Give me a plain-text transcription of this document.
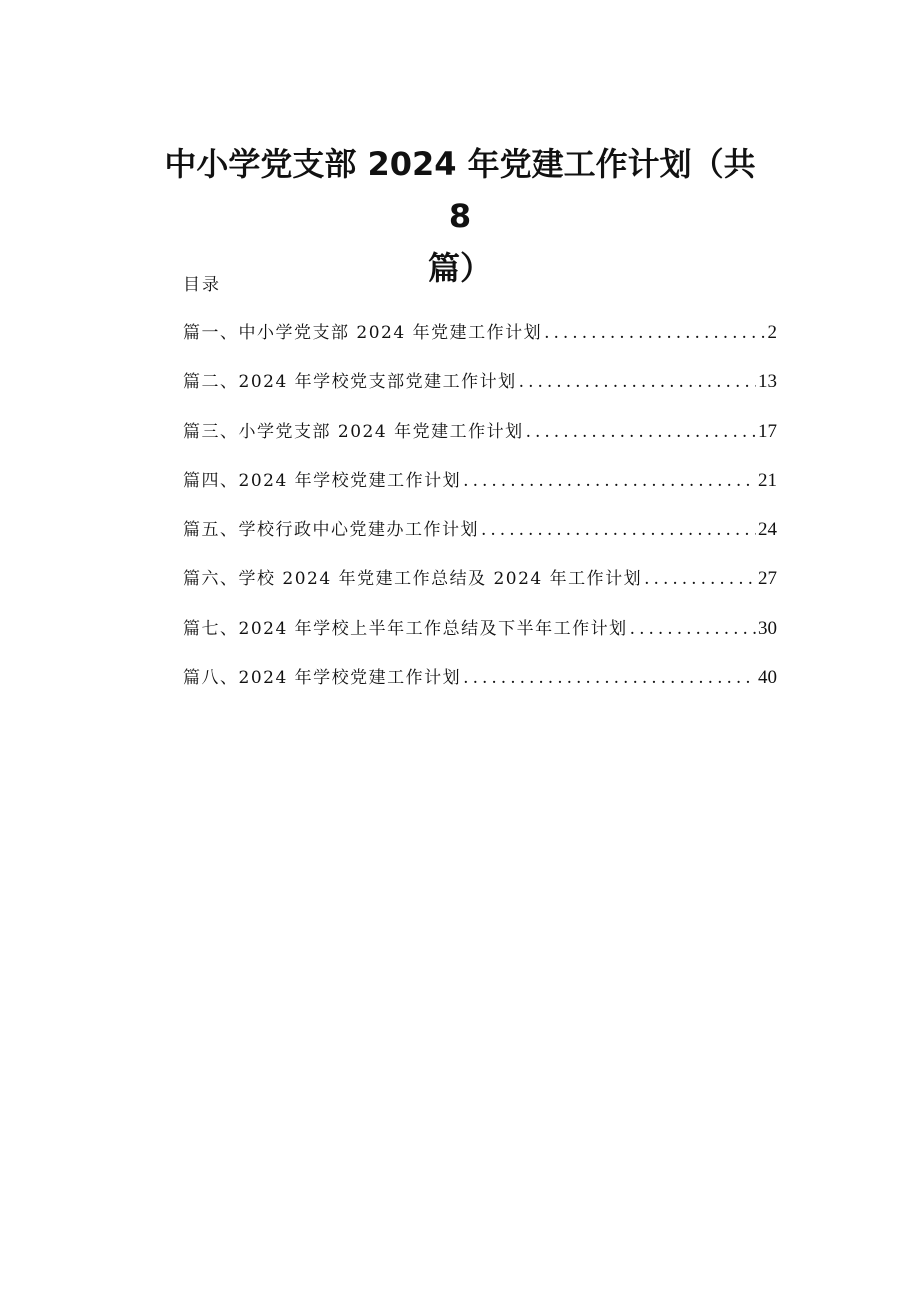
中小学党支部 2024 年党建工作计划（共 8
篇）
目录
篇一、中小学党支部 2024 年党建工作计划 .....	2
篇二、2024 年学校党支部党建工作计划 .....	13
篇三、小学党支部 2024 年党建工作计划 .....	17
篇四、2024 年学校党建工作计划 .....	21
篇五、学校行政中心党建办工作计划 .....	24
篇六、学校 2024 年党建工作总结及 2024 年工作计划 .....	27
篇七、2024 年学校上半年工作总结及下半年工作计划 .....	30
篇八、2024 年学校党建工作计划 .....	40
